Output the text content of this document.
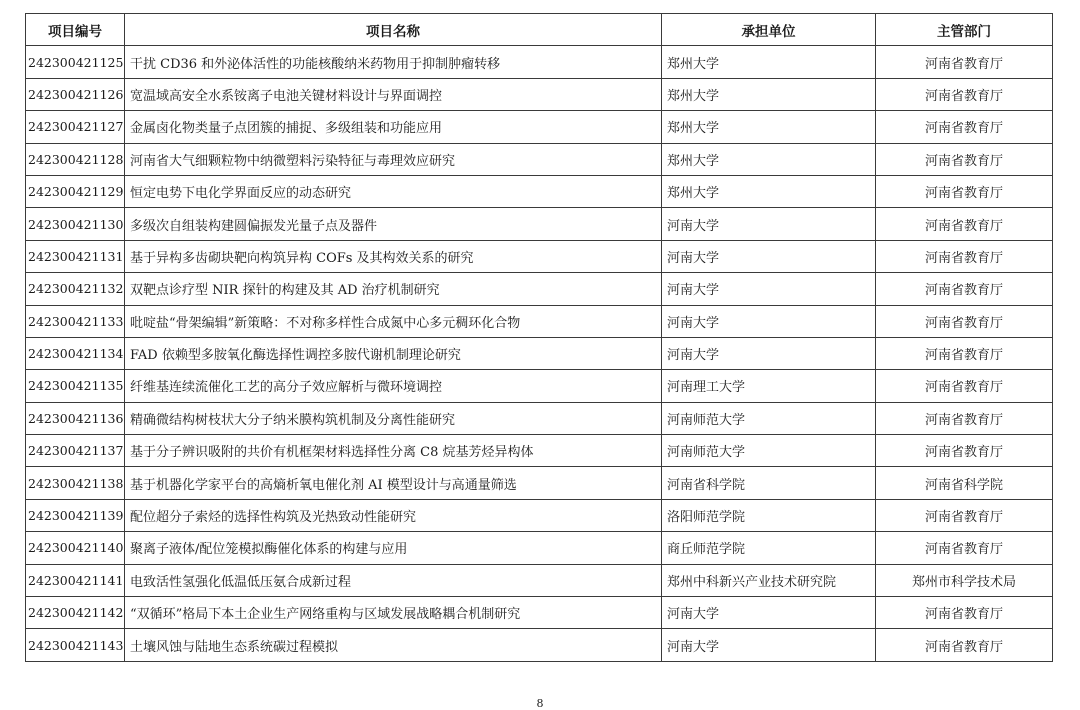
项目编号	项目名称	承担单位	主管部门
242300421125	干扰 CD36 和外泌体活性的功能核酸纳米药物用于抑制肿瘤转移	郑州大学	河南省教育厅
242300421126	宽温域高安全水系铵离子电池关键材料设计与界面调控	郑州大学	河南省教育厅
242300421127	金属卤化物类量子点团簇的捕捉、多级组装和功能应用	郑州大学	河南省教育厅
242300421128	河南省大气细颗粒物中纳微塑料污染特征与毒理效应研究	郑州大学	河南省教育厅
242300421129	恒定电势下电化学界面反应的动态研究	郑州大学	河南省教育厅
242300421130	多级次自组装构建圆偏振发光量子点及器件	河南大学	河南省教育厅
242300421131	基于异构多齿砌块靶向构筑异构 COFs 及其构效关系的研究	河南大学	河南省教育厅
242300421132	双靶点诊疗型 NIR 探针的构建及其 AD 治疗机制研究	河南大学	河南省教育厅
242300421133	吡啶盐“骨架编辑”新策略：不对称多样性合成氮中心多元稠环化合物	河南大学	河南省教育厅
242300421134	FAD 依赖型多胺氧化酶选择性调控多胺代谢机制理论研究	河南大学	河南省教育厅
242300421135	纤维基连续流催化工艺的高分子效应解析与微环境调控	河南理工大学	河南省教育厅
242300421136	精确微结构树枝状大分子纳米膜构筑机制及分离性能研究	河南师范大学	河南省教育厅
242300421137	基于分子辨识吸附的共价有机框架材料选择性分离 C8 烷基芳烃异构体	河南师范大学	河南省教育厅
242300421138	基于机器化学家平台的高熵析氧电催化剂 AI 模型设计与高通量筛选	河南省科学院	河南省科学院
242300421139	配位超分子索烃的选择性构筑及光热致动性能研究	洛阳师范学院	河南省教育厅
242300421140	聚离子液体/配位笼模拟酶催化体系的构建与应用	商丘师范学院	河南省教育厅
242300421141	电致活性氢强化低温低压氨合成新过程	郑州中科新兴产业技术研究院	郑州市科学技术局
242300421142	“双循环”格局下本土企业生产网络重构与区域发展战略耦合机制研究	河南大学	河南省教育厅
242300421143	土壤风蚀与陆地生态系统碳过程模拟	河南大学	河南省教育厅
8
